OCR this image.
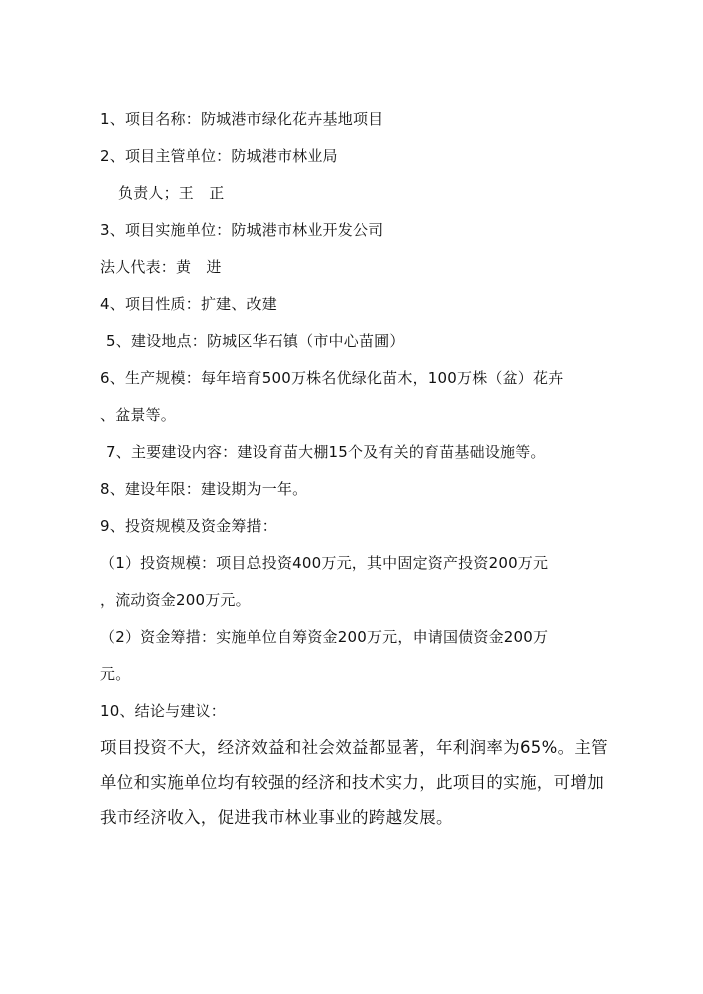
1、项目名称：防城港市绿化花卉基地项目
2、项目主管单位：防城港市林业局
负责人；王　正
3、项目实施单位：防城港市林业开发公司
法人代表：黄　进
4、项目性质：扩建、改建
5、建设地点：防城区华石镇（市中心苗圃）
6、生产规模：每年培育500万株名优绿化苗木，100万株（盆）花卉
、盆景等。
7、主要建设内容：建设育苗大棚15个及有关的育苗基础设施等。
8、建设年限：建设期为一年。
9、投资规模及资金筹措：
（1）投资规模：项目总投资400万元，其中固定资产投资200万元
，流动资金200万元。
（2）资金筹措：实施单位自筹资金200万元，申请国债资金200万
元。
10、结论与建议：
项目投资不大，经济效益和社会效益都显著，年利润率为65%。主管
单位和实施单位均有较强的经济和技术实力，此项目的实施，可增加
我市经济收入，促进我市林业事业的跨越发展。
